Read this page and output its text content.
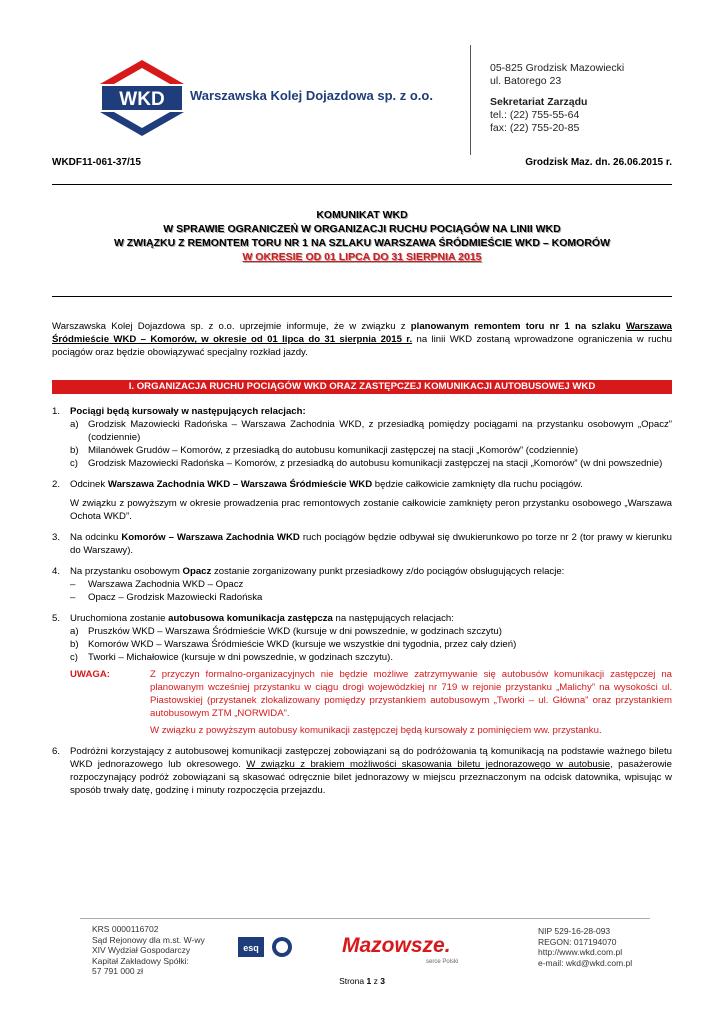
WKD Warszawska Kolej Dojazdowa sp. z o.o.
05-825 Grodzisk Mazowiecki
ul. Batorego 23
Sekretariat Zarządu
tel.: (22) 755-55-64
fax: (22) 755-20-85
WKDF11-061-37/15	Grodzisk Maz. dn. 26.06.2015 r.
KOMUNIKAT WKD
W SPRAWIE OGRANICZEŃ W ORGANIZACJI RUCHU POCIĄGÓW NA LINII WKD
W ZWIĄZKU Z REMONTEM TORU NR 1 NA SZLAKU WARSZAWA ŚRÓDMIEŚCIE WKD – KOMORÓW
W OKRESIE OD 01 LIPCA DO 31 SIERPNIA 2015
Warszawska Kolej Dojazdowa sp. z o.o. uprzejmie informuje, że w związku z planowanym remontem toru nr 1 na szlaku Warszawa Śródmieście WKD – Komorów, w okresie od 01 lipca do 31 sierpnia 2015 r. na linii WKD zostaną wprowadzone ograniczenia w ruchu pociągów oraz będzie obowiązywać specjalny rozkład jazdy.
I. ORGANIZACJA RUCHU POCIĄGÓW WKD ORAZ ZASTĘPCZEJ KOMUNIKACJI AUTOBUSOWEJ WKD
1. Pociągi będą kursowały w następujących relacjach:
a) Grodzisk Mazowiecki Radońska – Warszawa Zachodnia WKD, z przesiadką pomiędzy pociągami na przystanku osobowym „Opacz” (codziennie)
b) Milanówek Grudów – Komorów, z przesiadką do autobusu komunikacji zastępczej na stacji „Komorów” (codziennie)
c) Grodzisk Mazowiecki Radońska – Komorów, z przesiadką do autobusu komunikacji zastępczej na stacji „Komorów” (w dni powszednie)
2. Odcinek Warszawa Zachodnia WKD – Warszawa Śródmieście WKD będzie całkowicie zamknięty dla ruchu pociągów.
W związku z powyższym w okresie prowadzenia prac remontowych zostanie całkowicie zamknięty peron przystanku osobowego „Warszawa Ochota WKD”.
3. Na odcinku Komorów – Warszawa Zachodnia WKD ruch pociągów będzie odbywał się dwukierunkowo po torze nr 2 (tor prawy w kierunku do Warszawy).
4. Na przystanku osobowym Opacz zostanie zorganizowany punkt przesiadkowy z/do pociągów obsługujących relacje:
– Warszawa Zachodnia WKD – Opacz
– Opacz – Grodzisk Mazowiecki Radońska
5. Uruchomiona zostanie autobusowa komunikacja zastępcza na następujących relacjach:
a) Pruszków WKD – Warszawa Śródmieście WKD (kursuje w dni powszednie, w godzinach szczytu)
b) Komorów WKD – Warszawa Śródmieście WKD (kursuje we wszystkie dni tygodnia, przez cały dzień)
c) Tworki – Michałowice (kursuje w dni powszednie, w godzinach szczytu).
UWAGA:	Z przyczyn formalno-organizacyjnych nie będzie możliwe zatrzymywanie się autobusów komunikacji zastępczej na planowanym wcześniej przystanku w ciągu drogi wojewódzkiej nr 719 w rejonie przystanku „Malichy” na wysokości ul. Piastowskiej (przystanek zlokalizowany pomiędzy przystankiem autobusowym „Tworki – ul. Główna” oraz przystankiem autobusowym ZTM „NORWIDA”.
W związku z powyższym autobusy komunikacji zastępczej będą kursowały z pominięciem ww. przystanku.
6. Podróżni korzystający z autobusowej komunikacji zastępczej zobowiązani są do podróżowania tą komunikacją na podstawie ważnego biletu WKD jednorazowego lub okresowego. W związku z brakiem możliwości skasowania biletu jednorazowego w autobusie, pasażerowie rozpoczynający podróż zobowiązani są skasować odręcznie bilet jednorazowy w miejscu przeznaczonym na odcisk datownika, wpisując w sposób trwały datę, godzinę i minuty rozpoczęcia przejazdu.
KRS 0000116702
Sąd Rejonowy dla m.st. W-wy
XIV Wydział Gospodarczy
Kapitał Zakładowy Spółki:
57 791 000 zł
esq	Mazowsze.
serce Polski
NIP 529-16-28-093
REGON: 017194070
http://www.wkd.com.pl
e-mail: wkd@wkd.com.pl
Strona 1 z 3
